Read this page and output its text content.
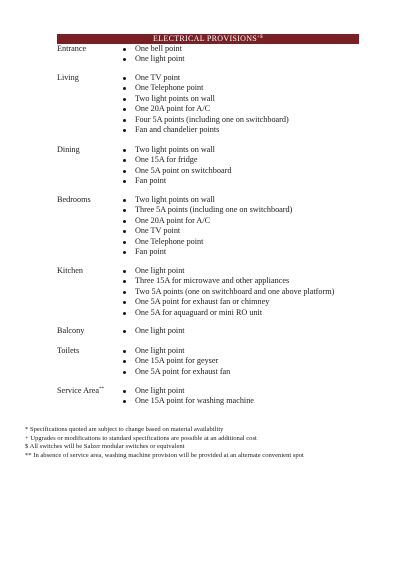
ELECTRICAL PROVISIONS+$
Entrance	One bell point
One light point
Living	One TV point
One Telephone point
Two light points on wall
One 20A point for A/C
Four 5A points (including one on switchboard)
Fan and chandelier points
Dining	Two light points on wall
One 15A for fridge
One 5A point on switchboard
Fan point
Bedrooms	Two light points on wall
Three 5A points (including one on switchboard)
One 20A point for A/C
One TV point
One Telephone point
Fan point
Kitchen	One light point
Three 15A for microwave and other appliances
Two 5A points (one on switchboard and one above platform)
One 5A point for exhaust fan or chimney
One 5A for aquaguard or mini RO unit
Balcony	One light point
Toilets	One light point
One 15A point for geyser
One 5A point for exhaust fan
Service Area**	One light point
One 15A point for washing machine
* Specifications quoted are subject to change based on material availability
+ Upgrades or modifications to standard specifications are possible at an additional cost
$ All switches will be Salzer modular switches or equivalent
** In absence of service area, washing machine provision will be provided at an alternate convenient spot
